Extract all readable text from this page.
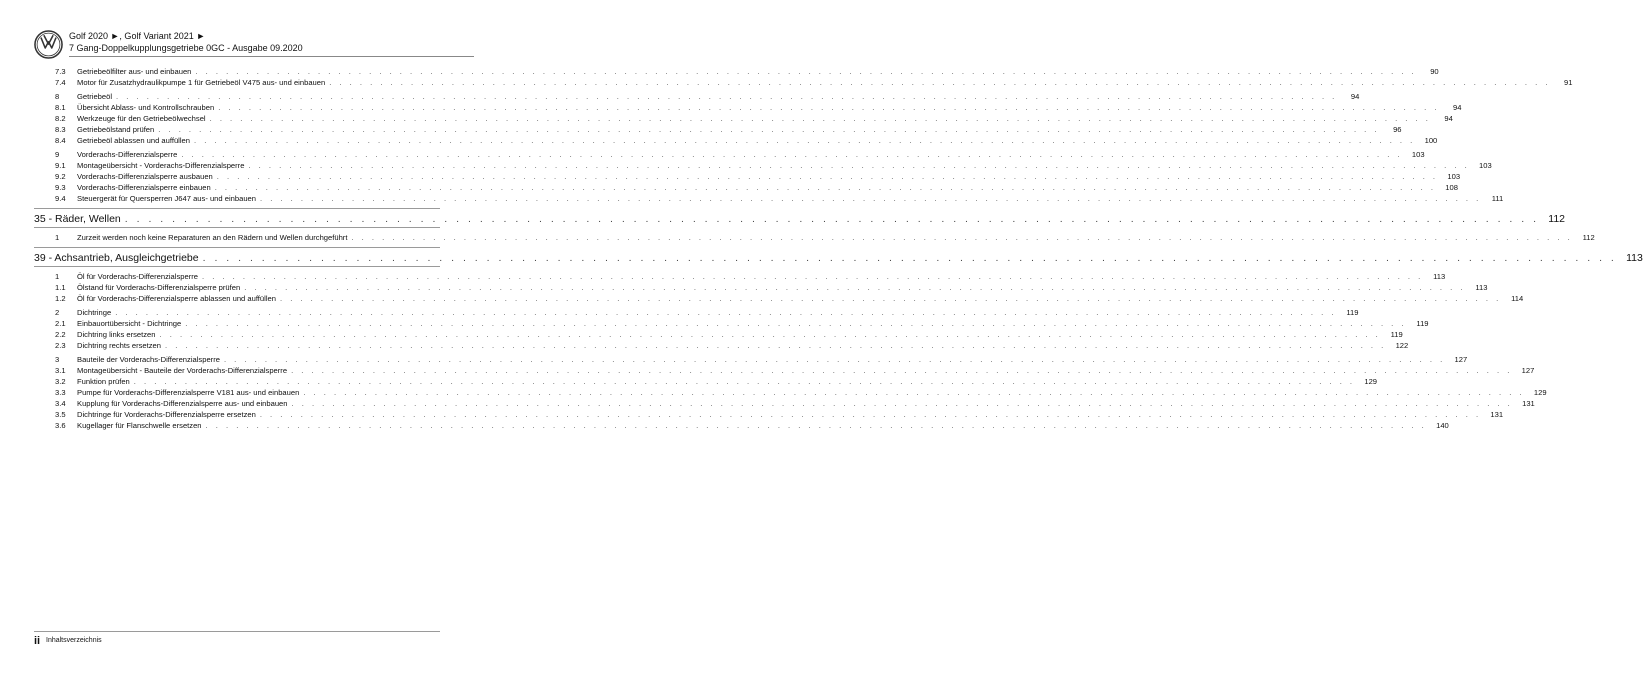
Golf 2020 ►, Golf Variant 2021 ►
7 Gang-Doppelkupplungsgetriebe 0GC - Ausgabe 09.2020
7.3	Getriebeölfilter aus- und einbauen . . . . . . . . . . . . . . . . . . . . . . . . . . . . . . . . . . . . . . . . . . . . . . . . . . . . . . . . . . . . . . . . . . . . . . . . . . . . . . . . . . . . . . . . . . . . . . . . . . . . . . . . . . . . . . . . . . . . . . . .	90
7.4	Motor für Zusatzhydraulikpumpe 1 für Getriebeöl V475 aus- und einbauen . . . . . . . . . . . . . . . . . . . . . . . . . . . . . . . . . . . . . . . . . . . . . . . . . . . . . . . . . . . . . . . . . . . . . . . . . . . . . . . . . . . . . . . . . . . . . . . . . . . . . . . . . . . . . . . . . . . . . . . .	91
8	Getriebeöl . . . . . . . . . . . . . . . . . . . . . . . . . . . . . . . . . . . . . . . . . . . . . . . . . . . . . . . . . . . . . . . . . . . . . . . . . . . . . . . . . . . . . . . . . . . . . . . . . . . . . . . . . . . . . . . . . . . . . . . .	94
8.1	Übersicht Ablass- und Kontrollschrauben . . . . . . . . . . . . . . . . . . . . . . . . . . . . . . . . . . . . . . . . . . . . . . . . . . . . . . . . . . . . . . . . . . . . . . . . . . . . . . . . . . . . . . . . . . . . . . . . . . . . . . . . . . . . . . . . . . . . . . . .	94
8.2	Werkzeuge für den Getriebeölwechsel . . . . . . . . . . . . . . . . . . . . . . . . . . . . . . . . . . . . . . . . . . . . . . . . . . . . . . . . . . . . . . . . . . . . . . . . . . . . . . . . . . . . . . . . . . . . . . . . . . . . . . . . . . . . . . . . . . . . . . . .	94
8.3	Getriebeölstand prüfen . . . . . . . . . . . . . . . . . . . . . . . . . . . . . . . . . . . . . . . . . . . . . . . . . . . . . . . . . . . . . . . . . . . . . . . . . . . . . . . . . . . . . . . . . . . . . . . . . . . . . . . . . . . . . . . . . . . . . . . .	96
8.4	Getriebeöl ablassen und auffüllen . . . . . . . . . . . . . . . . . . . . . . . . . . . . . . . . . . . . . . . . . . . . . . . . . . . . . . . . . . . . . . . . . . . . . . . . . . . . . . . . . . . . . . . . . . . . . . . . . . . . . . . . . . . . . . . . . . . . . . . .	100
9	Vorderachs-Differenzialsperre . . . . . . . . . . . . . . . . . . . . . . . . . . . . . . . . . . . . . . . . . . . . . . . . . . . . . . . . . . . . . . . . . . . . . . . . . . . . . . . . . . . . . . . . . . . . . . . . . . . . . . . . . . . . . . . . . . . . . . . .	103
9.1	Montageübersicht - Vorderachs-Differenzialsperre . . . . . . . . . . . . . . . . . . . . . . . . . . . . . . . . . . . . . . . . . . . . . . . . . . . . . . . . . . . . . . . . . . . . . . . . . . . . . . . . . . . . . . . . . . . . . . . . . . . . . . . . . . . . . . . . . . . . . . . .	103
9.2	Vorderachs-Differenzialsperre ausbauen . . . . . . . . . . . . . . . . . . . . . . . . . . . . . . . . . . . . . . . . . . . . . . . . . . . . . . . . . . . . . . . . . . . . . . . . . . . . . . . . . . . . . . . . . . . . . . . . . . . . . . . . . . . . . . . . . . . . . . . .	103
9.3	Vorderachs-Differenzialsperre einbauen . . . . . . . . . . . . . . . . . . . . . . . . . . . . . . . . . . . . . . . . . . . . . . . . . . . . . . . . . . . . . . . . . . . . . . . . . . . . . . . . . . . . . . . . . . . . . . . . . . . . . . . . . . . . . . . . . . . . . . . .	108
9.4	Steuergerät für Quersperren J647 aus- und einbauen . . . . . . . . . . . . . . . . . . . . . . . . . . . . . . . . . . . . . . . . . . . . . . . . . . . . . . . . . . . . . . . . . . . . . . . . . . . . . . . . . . . . . . . . . . . . . . . . . . . . . . . . . . . . . . . . . . . . . . . .	111
35 - Räder, Wellen . . . . . . . . . . . . . . . . . . . . . . . . . . . . . . . . . . . . . . . . . . . . . . . . . . . . . . . . . . . . . . . . . . . . . . . . . . . . . . . . . . . . . . . . . . . . . . . . . . . . . . . . . . . . . . . . . . . . . . . . 112
1	Zurzeit werden noch keine Reparaturen an den Rädern und Wellen durchgeführt . . . . . . . . . . . . . . . . . . . . . . . . . . . . . . . . . . . . . . . . . . . . . . . . . . . . . . . . . . . . . . . . . . . . . . . . . . . . . . . . . . . . . . . . . . . . . . . . . . . . . . . . . . . . . . . . . . . . . . . .	112
39 - Achsantrieb, Ausgleichgetriebe . . . . . . . . . . . . . . . . . . . . . . . . . . . . . . . . . . . . . . . . . . . . . . . . . . . . . . . . . . . . . . . . . . . . . . . . . . . . . . . . . . . . . . . . . . . . . . . . . . . . . . . . . . . . . . . . . . . . . . . . 113
1	Öl für Vorderachs-Differenzialsperre . . . . . . . . . . . . . . . . . . . . . . . . . . . . . . . . . . . . . . . . . . . . . . . . . . . . . . . . . . . . . . . . . . . . . . . . . . . . . . . . . . . . . . . . . . . . . . . . . . . . . . . . . . . . . . . . . . . . . . . .	113
1.1	Ölstand für Vorderachs-Differenzialsperre prüfen . . . . . . . . . . . . . . . . . . . . . . . . . . . . . . . . . . . . . . . . . . . . . . . . . . . . . . . . . . . . . . . . . . . . . . . . . . . . . . . . . . . . . . . . . . . . . . . . . . . . . . . . . . . . . . . . . . . . . . . .	113
1.2	Öl für Vorderachs-Differenzialsperre ablassen und auffüllen . . . . . . . . . . . . . . . . . . . . . . . . . . . . . . . . . . . . . . . . . . . . . . . . . . . . . . . . . . . . . . . . . . . . . . . . . . . . . . . . . . . . . . . . . . . . . . . . . . . . . . . . . . . . . . . . . . . . . . . .	114
2	Dichtringe . . . . . . . . . . . . . . . . . . . . . . . . . . . . . . . . . . . . . . . . . . . . . . . . . . . . . . . . . . . . . . . . . . . . . . . . . . . . . . . . . . . . . . . . . . . . . . . . . . . . . . . . . . . . . . . . . . . . . . . .	119
2.1	Einbauortübersicht - Dichtringe . . . . . . . . . . . . . . . . . . . . . . . . . . . . . . . . . . . . . . . . . . . . . . . . . . . . . . . . . . . . . . . . . . . . . . . . . . . . . . . . . . . . . . . . . . . . . . . . . . . . . . . . . . . . . . . . . . . . . . . .	119
2.2	Dichtring links ersetzen . . . . . . . . . . . . . . . . . . . . . . . . . . . . . . . . . . . . . . . . . . . . . . . . . . . . . . . . . . . . . . . . . . . . . . . . . . . . . . . . . . . . . . . . . . . . . . . . . . . . . . . . . . . . . . . . . . . . . . . .	119
2.3	Dichtring rechts ersetzen . . . . . . . . . . . . . . . . . . . . . . . . . . . . . . . . . . . . . . . . . . . . . . . . . . . . . . . . . . . . . . . . . . . . . . . . . . . . . . . . . . . . . . . . . . . . . . . . . . . . . . . . . . . . . . . . . . . . . . . .	122
3	Bauteile der Vorderachs-Differenzialsperre . . . . . . . . . . . . . . . . . . . . . . . . . . . . . . . . . . . . . . . . . . . . . . . . . . . . . . . . . . . . . . . . . . . . . . . . . . . . . . . . . . . . . . . . . . . . . . . . . . . . . . . . . . . . . . . . . . . . . . . .	127
3.1	Montageübersicht - Bauteile der Vorderachs-Differenzialsperre . . . . . . . . . . . . . . . . . . . . . . . . . . . . . . . . . . . . . . . . . . . . . . . . . . . . . . . . . . . . . . . . . . . . . . . . . . . . . . . . . . . . . . . . . . . . . . . . . . . . . . . . . . . . . . . . . . . . . . . .	127
3.2	Funktion prüfen . . . . . . . . . . . . . . . . . . . . . . . . . . . . . . . . . . . . . . . . . . . . . . . . . . . . . . . . . . . . . . . . . . . . . . . . . . . . . . . . . . . . . . . . . . . . . . . . . . . . . . . . . . . . . . . . . . . . . . . .	129
3.3	Pumpe für Vorderachs-Differenzialsperre V181 aus- und einbauen . . . . . . . . . . . . . . . . . . . . . . . . . . . . . . . . . . . . . . . . . . . . . . . . . . . . . . . . . . . . . . . . . . . . . . . . . . . . . . . . . . . . . . . . . . . . . . . . . . . . . . . . . . . . . . . . . . . . . . . .	129
3.4	Kupplung für Vorderachs-Differenzialsperre aus- und einbauen . . . . . . . . . . . . . . . . . . . . . . . . . . . . . . . . . . . . . . . . . . . . . . . . . . . . . . . . . . . . . . . . . . . . . . . . . . . . . . . . . . . . . . . . . . . . . . . . . . . . . . . . . . . . . . . . . . . . . . . .	131
3.5	Dichtringe für Vorderachs-Differenzialsperre ersetzen . . . . . . . . . . . . . . . . . . . . . . . . . . . . . . . . . . . . . . . . . . . . . . . . . . . . . . . . . . . . . . . . . . . . . . . . . . . . . . . . . . . . . . . . . . . . . . . . . . . . . . . . . . . . . . . . . . . . . . . .	131
3.6	Kugellager für Flanschwelle ersetzen . . . . . . . . . . . . . . . . . . . . . . . . . . . . . . . . . . . . . . . . . . . . . . . . . . . . . . . . . . . . . . . . . . . . . . . . . . . . . . . . . . . . . . . . . . . . . . . . . . . . . . . . . . . . . . . . . . . . . . . .	140
ii Inhaltsverzeichnis
